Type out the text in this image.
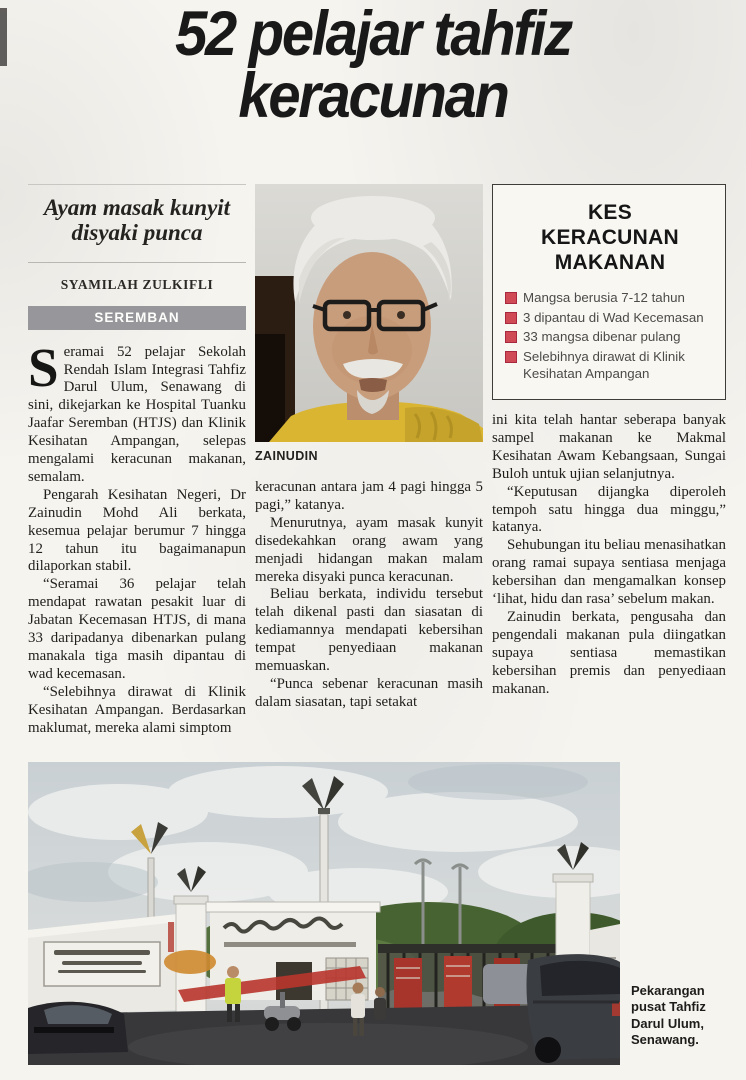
52 pelajar tahfiz
keracunan
Ayam masak kunyit disyaki punca
SYAMILAH ZULKIFLI
SEREMBAN

Seramai 52 pelajar Sekolah Rendah Islam Integrasi Tahfiz Darul Ulum, Senawang di sini, dikejarkan ke Hospital Tuanku Jaafar Seremban (HTJS) dan Klinik Kesihatan Ampangan, selepas mengalami keracunan makanan, semalam.

Pengarah Kesihatan Negeri, Dr Zainudin Mohd Ali berkata, kesemua pelajar berumur 7 hingga 12 tahun itu bagaimanapun dilaporkan stabil.

“Seramai 36 pelajar telah mendapat rawatan pesakit luar di Jabatan Kecemasan HTJS, di mana 33 daripadanya dibenarkan pulang manakala tiga masih dipantau di wad kecemasan.

“Selebihnya dirawat di Klinik Kesihatan Ampangan. Berdasarkan maklumat, mereka alami simptom

ZAINUDIN

keracunan antara jam 4 pagi hingga 5 pagi,” katanya.

Menurutnya, ayam masak kunyit disedekahkan orang awam yang menjadi hidangan makan malam mereka disyaki punca keracunan.

Beliau berkata, individu tersebut telah dikenal pasti dan siasatan di kediamannya mendapati kebersihan tempat penyediaan makanan memuaskan.

“Punca sebenar keracunan masih dalam siasatan, tapi setakat

KES
KERACUNAN
MAKANAN
Mangsa berusia 7-12 tahun
3 dipantau di Wad Kecemasan
33 mangsa dibenar pulang
Selebihnya dirawat di Klinik Kesihatan Ampangan

ini kita telah hantar seberapa banyak sampel makanan ke Makmal Kesihatan Awam Kebangsaan, Sungai Buloh untuk ujian selanjutnya.

“Keputusan dijangka diperoleh tempoh satu hingga dua minggu,” katanya.

Sehubungan itu beliau menasihatkan orang ramai supaya sentiasa menjaga kebersihan dan mengamalkan konsep ‘lihat, hidu dan rasa’ sebelum makan.

Zainudin berkata, pengusaha dan pengendali makanan pula diingatkan supaya sentiasa memastikan kebersihan premis dan penyediaan makanan.

Pekarangan pusat Tahfiz Darul Ulum, Senawang.
